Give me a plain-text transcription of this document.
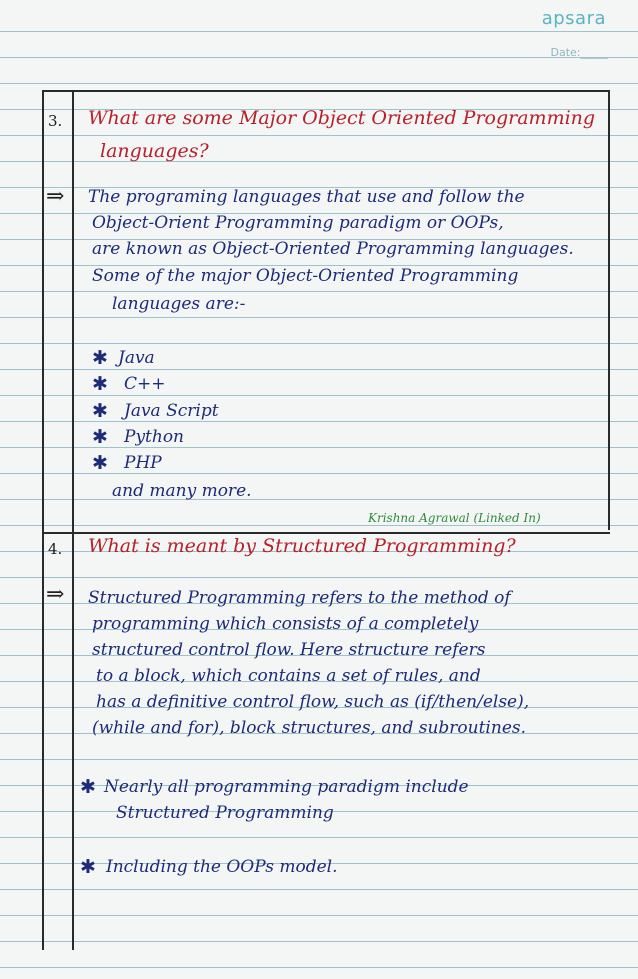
apsara
Date:_____
3. What are some Major Object Oriented Programming
languages?
⇒ The programing languages that use and follow the
Object-Orient Programming paradigm or OOPs,
are known as Object-Oriented Programming languages.
Some of the major Object-Oriented Programming
languages are:-
✱ Java
✱ C++
✱ Java Script
✱ Python
✱ PHP
and many more.
Krishna Agrawal (Linked In)
4. What is meant by Structured Programming?
⇒ Structured Programming refers to the method of
programming which consists of a completely
structured control flow. Here structure refers
to a block, which contains a set of rules, and
has a definitive control flow, such as (if/then/else),
(while and for), block structures, and subroutines.
✱ Nearly all programming paradigm include
Structured Programming
✱ Including the OOPs model.
